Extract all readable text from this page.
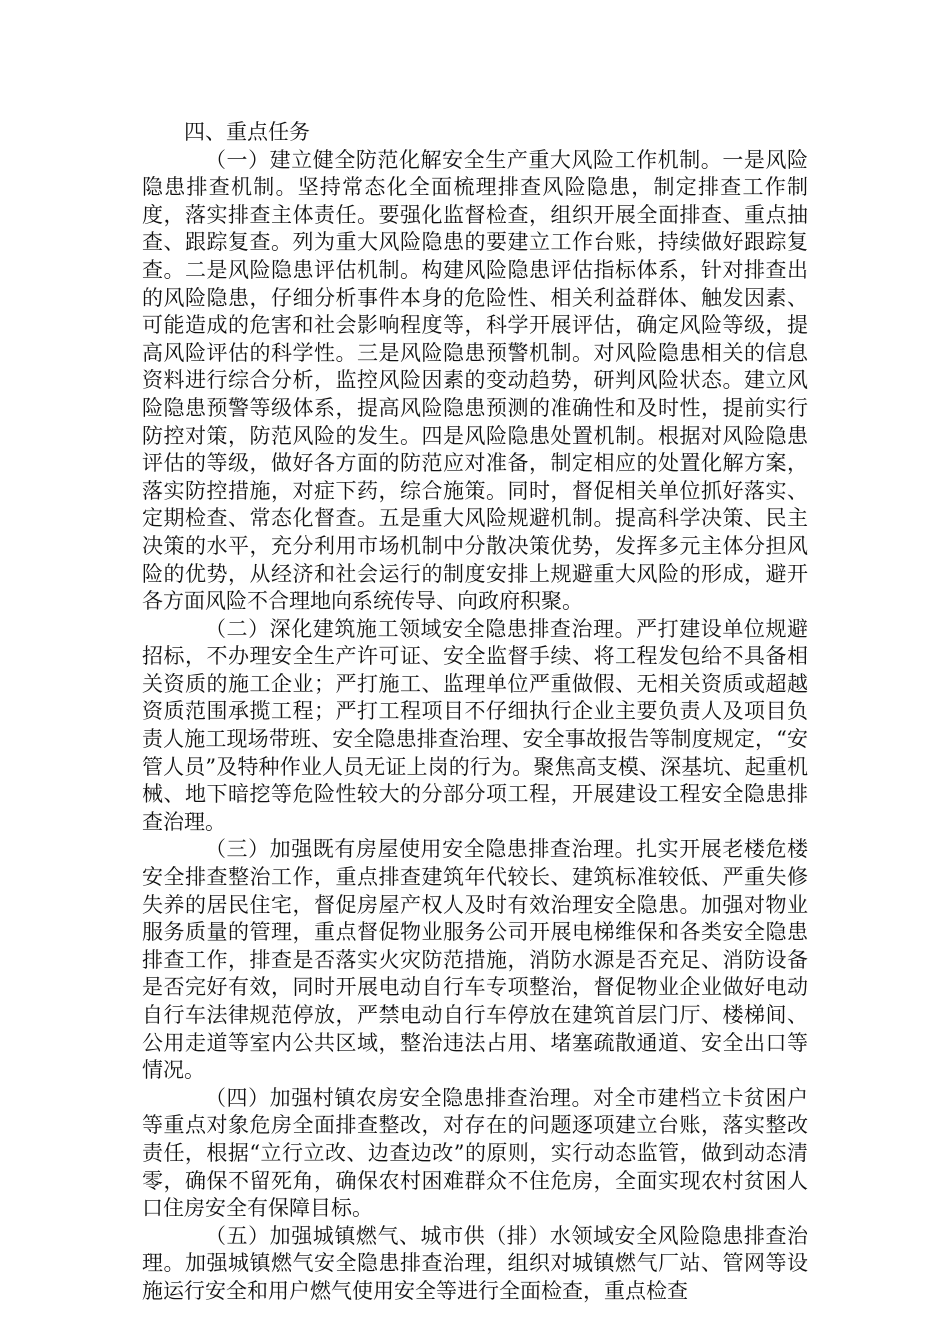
四、重点任务

（一）建立健全防范化解安全生产重大风险工作机制。一是风险隐患排查机制。坚持常态化全面梳理排查风险隐患，制定排查工作制度，落实排查主体责任。要强化监督检查，组织开展全面排查、重点抽查、跟踪复查。列为重大风险隐患的要建立工作台账，持续做好跟踪复查。二是风险隐患评估机制。构建风险隐患评估指标体系，针对排查出的风险隐患，仔细分析事件本身的危险性、相关利益群体、触发因素、可能造成的危害和社会影响程度等，科学开展评估，确定风险等级，提高风险评估的科学性。三是风险隐患预警机制。对风险隐患相关的信息资料进行综合分析，监控风险因素的变动趋势，研判风险状态。建立风险隐患预警等级体系，提高风险隐患预测的准确性和及时性，提前实行防控对策，防范风险的发生。四是风险隐患处置机制。根据对风险隐患评估的等级，做好各方面的防范应对准备，制定相应的处置化解方案，落实防控措施，对症下药，综合施策。同时，督促相关单位抓好落实、定期检查、常态化督查。五是重大风险规避机制。提高科学决策、民主决策的水平，充分利用市场机制中分散决策优势，发挥多元主体分担风险的优势，从经济和社会运行的制度安排上规避重大风险的形成，避开各方面风险不合理地向系统传导、向政府积聚。

（二）深化建筑施工领域安全隐患排查治理。严打建设单位规避招标，不办理安全生产许可证、安全监督手续、将工程发包给不具备相关资质的施工企业；严打施工、监理单位严重做假、无相关资质或超越资质范围承揽工程；严打工程项目不仔细执行企业主要负责人及项目负责人施工现场带班、安全隐患排查治理、安全事故报告等制度规定，“安管人员”及特种作业人员无证上岗的行为。聚焦高支模、深基坑、起重机械、地下暗挖等危险性较大的分部分项工程，开展建设工程安全隐患排查治理。

（三）加强既有房屋使用安全隐患排查治理。扎实开展老楼危楼安全排查整治工作，重点排查建筑年代较长、建筑标准较低、严重失修失养的居民住宅，督促房屋产权人及时有效治理安全隐患。加强对物业服务质量的管理，重点督促物业服务公司开展电梯维保和各类安全隐患排查工作，排查是否落实火灾防范措施，消防水源是否充足、消防设备是否完好有效，同时开展电动自行车专项整治，督促物业企业做好电动自行车法律规范停放，严禁电动自行车停放在建筑首层门厅、楼梯间、公用走道等室内公共区域，整治违法占用、堵塞疏散通道、安全出口等情况。

（四）加强村镇农房安全隐患排查治理。对全市建档立卡贫困户等重点对象危房全面排查整改，对存在的问题逐项建立台账，落实整改责任，根据“立行立改、边查边改”的原则，实行动态监管，做到动态清零，确保不留死角，确保农村困难群众不住危房，全面实现农村贫困人口住房安全有保障目标。

（五）加强城镇燃气、城市供（排）水领域安全风险隐患排查治理。加强城镇燃气安全隐患排查治理，组织对城镇燃气厂站、管网等设施运行安全和用户燃气使用安全等进行全面检查，重点检查
